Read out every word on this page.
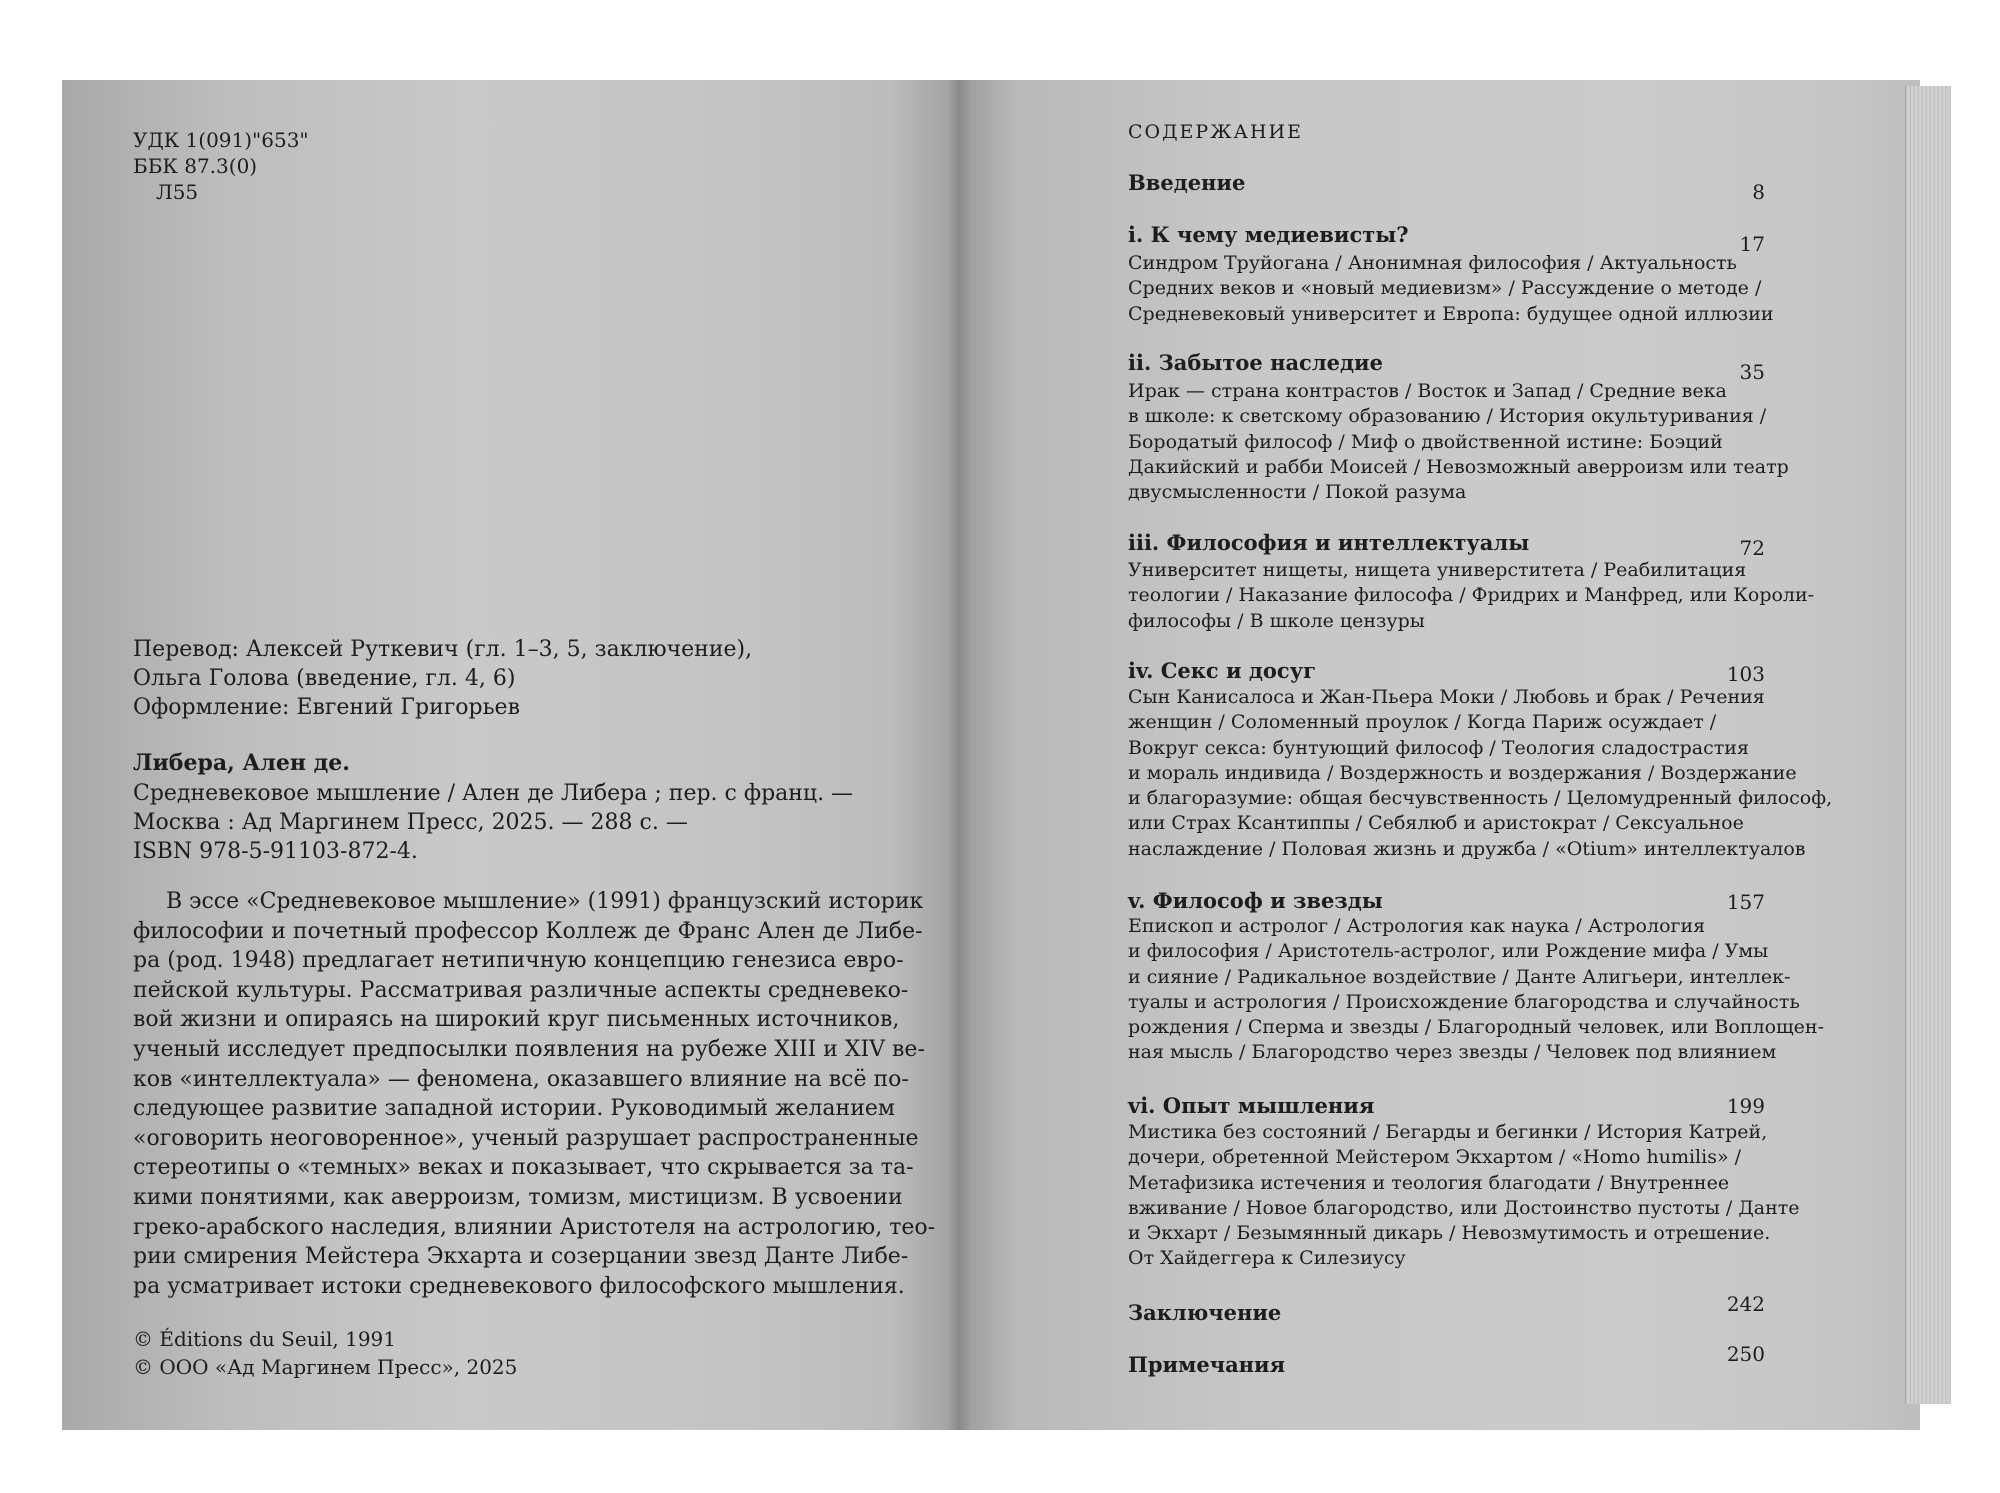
УДК 1(091)"653"
ББК 87.3(0)
Л55
Перевод: Алексей Руткевич (гл. 1–3, 5, заключение),
Ольга Голова (введение, гл. 4, 6)
Оформление: Евгений Григорьев
Либера, Ален де.
Средневековое мышление / Ален де Либера ; пер. с франц. —
Москва : Ад Маргинем Пресс, 2025. — 288 с. —
ISBN 978-5-91103-872-4.
В эссе «Средневековое мышление» (1991) французский историк
философии и почетный профессор Коллеж де Франс Ален де Либе-
ра (род. 1948) предлагает нетипичную концепцию генезиса евро-
пейской культуры. Рассматривая различные аспекты средневеко-
вой жизни и опираясь на широкий круг письменных источников,
ученый исследует предпосылки появления на рубеже XIII и XIV ве-
ков «интеллектуала» — феномена, оказавшего влияние на всё по-
следующее развитие западной истории. Руководимый желанием
«оговорить неоговоренное», ученый разрушает распространенные
стереотипы о «темных» веках и показывает, что скрывается за та-
кими понятиями, как аверроизм, томизм, мистицизм. В усвоении
греко-арабского наследия, влиянии Аристотеля на астрологию, тео-
рии смирения Мейстера Экхарта и созерцании звезд Данте Либе-
ра усматривает истоки средневекового философского мышления.
© Éditions du Seuil, 1991
© ООО «Ад Маргинем Пресс», 2025
СОДЕРЖАНИЕ
Введение	8
i. К чему медиевисты?	17
Синдром Труйогана / Анонимная философия / Актуальность
Средних веков и «новый медиевизм» / Рассуждение о методе /
Средневековый университет и Европа: будущее одной иллюзии
ii. Забытое наследие	35
Ирак — страна контрастов / Восток и Запад / Средние века
в школе: к светскому образованию / История окультуривания /
Бородатый философ / Миф о двойственной истине: Боэций
Дакийский и рабби Моисей / Невозможный аверроизм или театр
двусмысленности / Покой разума
iii. Философия и интеллектуалы	72
Университет нищеты, нищета универститета / Реабилитация
теологии / Наказание философа / Фридрих и Манфред, или Короли-
философы / В школе цензуры
iv. Секс и досуг	103
Сын Канисалоса и Жан-Пьера Моки / Любовь и брак / Речения
женщин / Соломенный проулок / Когда Париж осуждает /
Вокруг секса: бунтующий философ / Теология сладострастия
и мораль индивида / Воздержность и воздержания / Воздержание
и благоразумие: общая бесчувственность / Целомудренный философ,
или Страх Ксантиппы / Себялюб и аристократ / Сексуальное
наслаждение / Половая жизнь и дружба / «Otium» интеллектуалов
v. Философ и звезды	157
Епископ и астролог / Астрология как наука / Астрология
и философия / Аристотель-астролог, или Рождение мифа / Умы
и сияние / Радикальное воздействие / Данте Алигьери, интеллек-
туалы и астрология / Происхождение благородства и случайность
рождения / Сперма и звезды / Благородный человек, или Воплощен-
ная мысль / Благородство через звезды / Человек под влиянием
vi. Опыт мышления	199
Мистика без состояний / Бегарды и бегинки / История Катрей,
дочери, обретенной Мейстером Экхартом / «Homo humilis» /
Метафизика истечения и теология благодати / Внутреннее
вживание / Новое благородство, или Достоинство пустоты / Данте
и Экхарт / Безымянный дикарь / Невозмутимость и отрешение.
От Хайдеггера к Силезиусу
Заключение	242
Примечания	250
